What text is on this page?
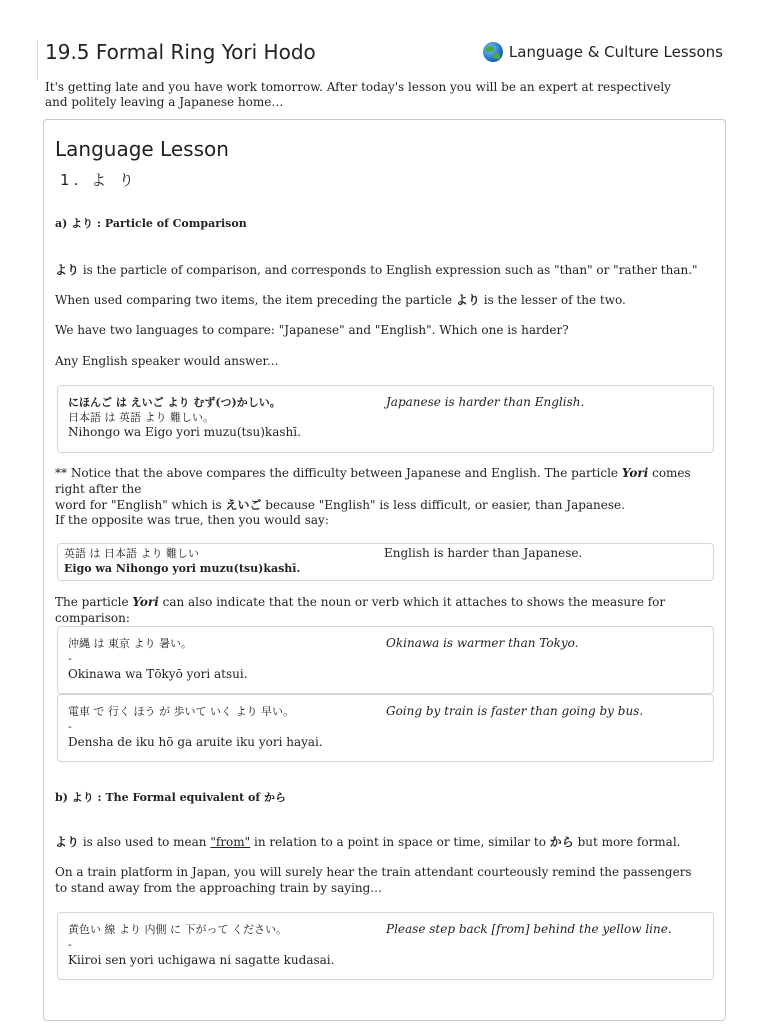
19.5 Formal Ring Yori Hodo	Language & Culture Lessons
It's getting late and you have work tomorrow. After today's lesson you will be an expert at respectively and politely leaving a Japanese home…
Language Lesson
1. よ り
a) より : Particle of Comparison
より is the particle of comparison, and corresponds to English expression such as "than" or "rather than."
When used comparing two items, the item preceding the particle より is the lesser of the two.
We have two languages to compare: "Japanese" and "English". Which one is harder?
Any English speaker would answer...
にほんご は えいご より むず(つ)かしい。
日本語 は 英語 より 難しい。
Nihongo wa Eigo yori muzu(tsu)kashī.
Japanese is harder than English.
** Notice that the above compares the difficulty between Japanese and English. The particle Yori comes right after the
word for "English" which is えいご because "English" is less difficult, or easier, than Japanese.
If the opposite was true, then you would say:
英語 は 日本語 より 難しい
Eigo wa Nihongo yori muzu(tsu)kashī.
English is harder than Japanese.
The particle Yori can also indicate that the noun or verb which it attaches to shows the measure for comparison:
沖縄 は 東京 より 暑い。
-
Okinawa wa Tōkyō yori atsui.
Okinawa is warmer than Tokyo.
電車 で 行く ほう が 歩いて いく より 早い。
-
Densha de iku hō ga aruite iku yori hayai.
Going by train is faster than going by bus.
b) より : The Formal equivalent of から
より is also used to mean "from" in relation to a point in space or time, similar to から but more formal.
On a train platform in Japan, you will surely hear the train attendant courteously remind the passengers to stand away from the approaching train by saying...
黄色い 線 より 内側 に 下がって ください。
-
Kiiroi sen yori uchigawa ni sagatte kudasai.
Please step back [from] behind the yellow line.
